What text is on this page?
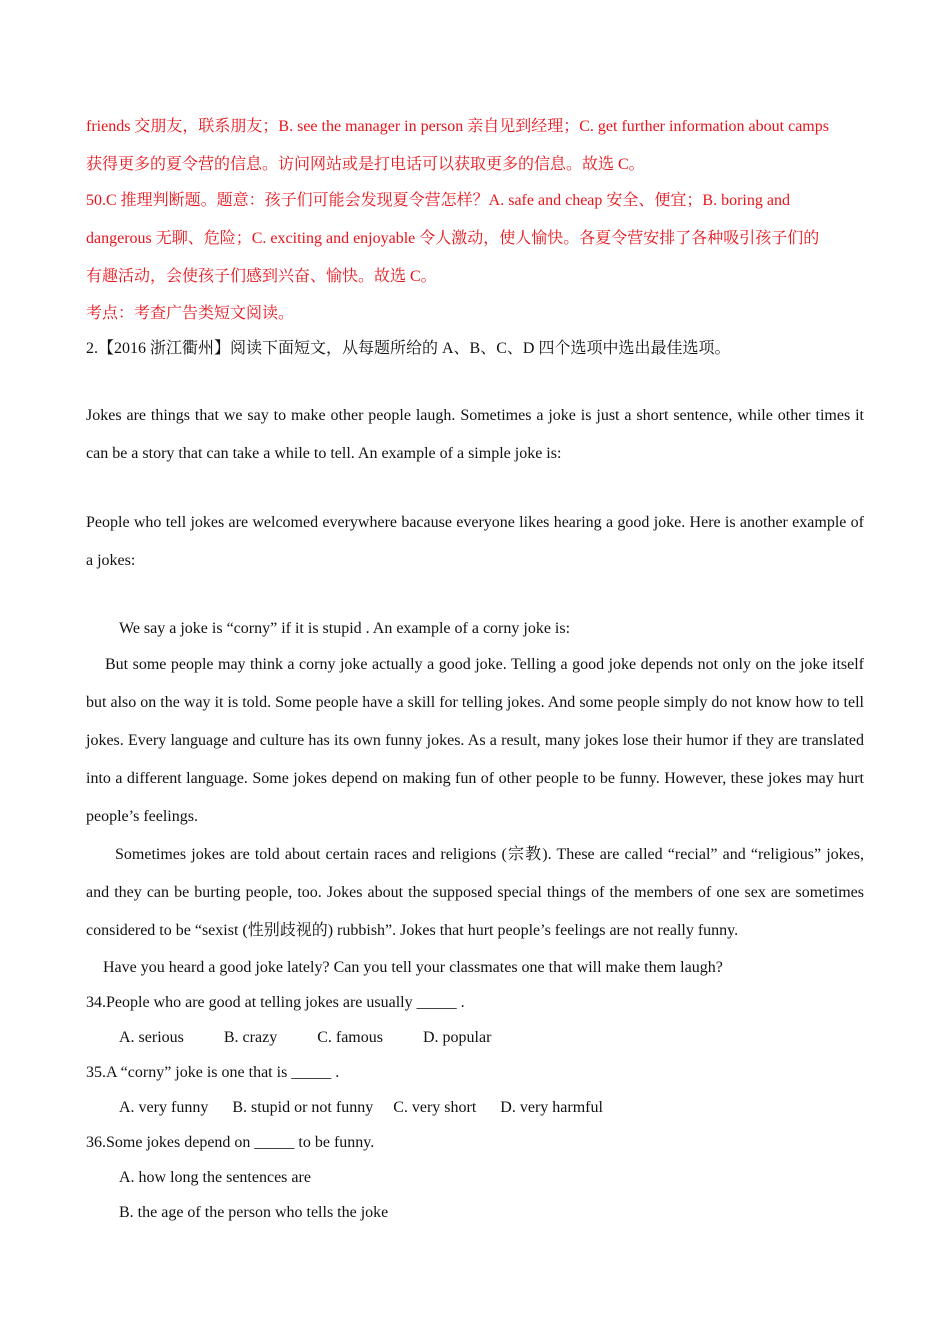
friends 交朋友，联系朋友；B. see the manager in person 亲自见到经理；C. get further information about camps
获得更多的夏令营的信息。访问网站或是打电话可以获取更多的信息。故选 C。

50.C 推理判断题。题意：孩子们可能会发现夏令营怎样？A. safe and cheap 安全、便宜；B. boring and
dangerous 无聊、危险；C. exciting and enjoyable 令人激动，使人愉快。各夏令营安排了各种吸引孩子们的
有趣活动，会使孩子们感到兴奋、愉快。故选 C。

考点：考查广告类短文阅读。

2.【2016 浙江衢州】阅读下面短文，从每题所给的 A、B、C、D 四个选项中选出最佳选项。

Jokes are things that we say to make other people laugh. Sometimes a joke is just a short sentence, while other times it can be a story that can take a while to tell. An example of a simple joke is:

People who tell jokes are welcomed everywhere bacause everyone likes hearing a good joke. Here is another example of a jokes:

We say a joke is “corny” if it is stupid . An example of a corny joke is:

But some people may think a corny joke actually a good joke. Telling a good joke depends not only on the joke itself but also on the way it is told. Some people have a skill for telling jokes. And some people simply do not know how to tell jokes. Every language and culture has its own funny jokes. As a result, many jokes lose their humor if they are translated into a different language. Some jokes depend on making fun of other people to be funny. However, these jokes may hurt people’s feelings.

Sometimes jokes are told about certain races and religions (宗教). These are called “recial” and “religious” jokes, and they can be burting people, too. Jokes about the supposed special things of the members of one sex are sometimes considered to be “sexist (性别歧视的) rubbish”. Jokes that hurt people’s feelings are not really funny.

Have you heard a good joke lately? Can you tell your classmates one that will make them laugh?

34.People who are good at telling jokes are usually _____ .

A. serious          B. crazy          C. famous          D. popular

35.A “corny” joke is one that is _____ .

A. very funny      B. stupid or not funny     C. very short      D. very harmful

36.Some jokes depend on _____ to be funny.

A. how long the sentences are

B. the age of the person who tells the joke
